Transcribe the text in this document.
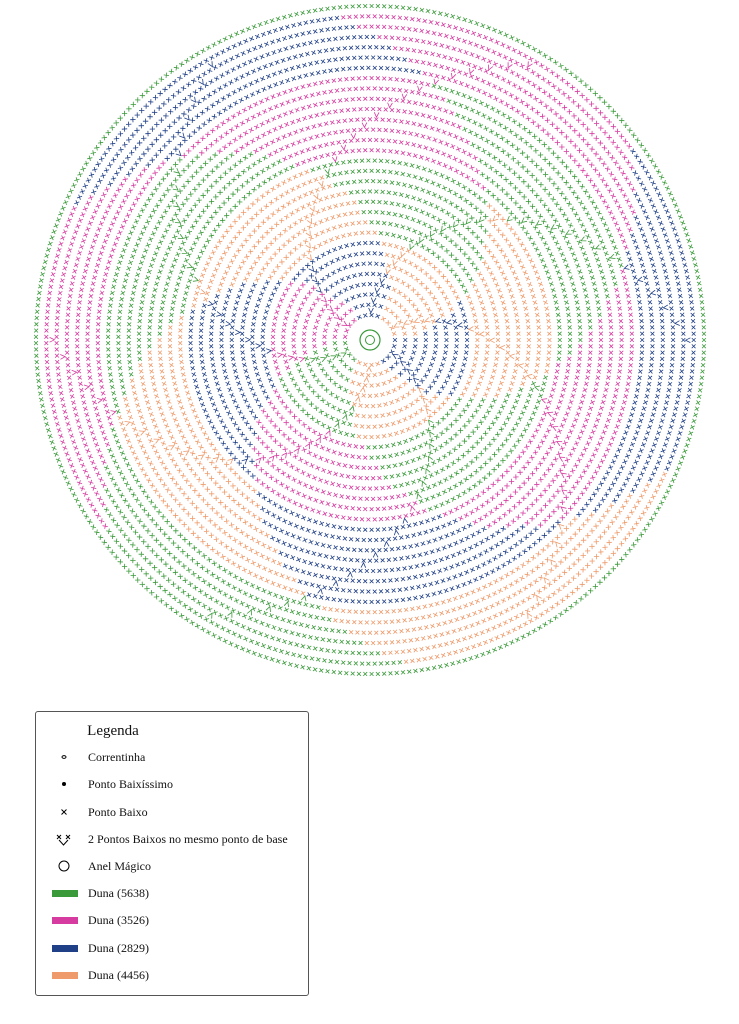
Legenda
Correntinha
Ponto Baixíssimo
Ponto Baixo
2 Pontos Baixos no mesmo ponto de base
Anel Mágico
Duna (5638)
Duna (3526)
Duna (2829)
Duna (4456)
